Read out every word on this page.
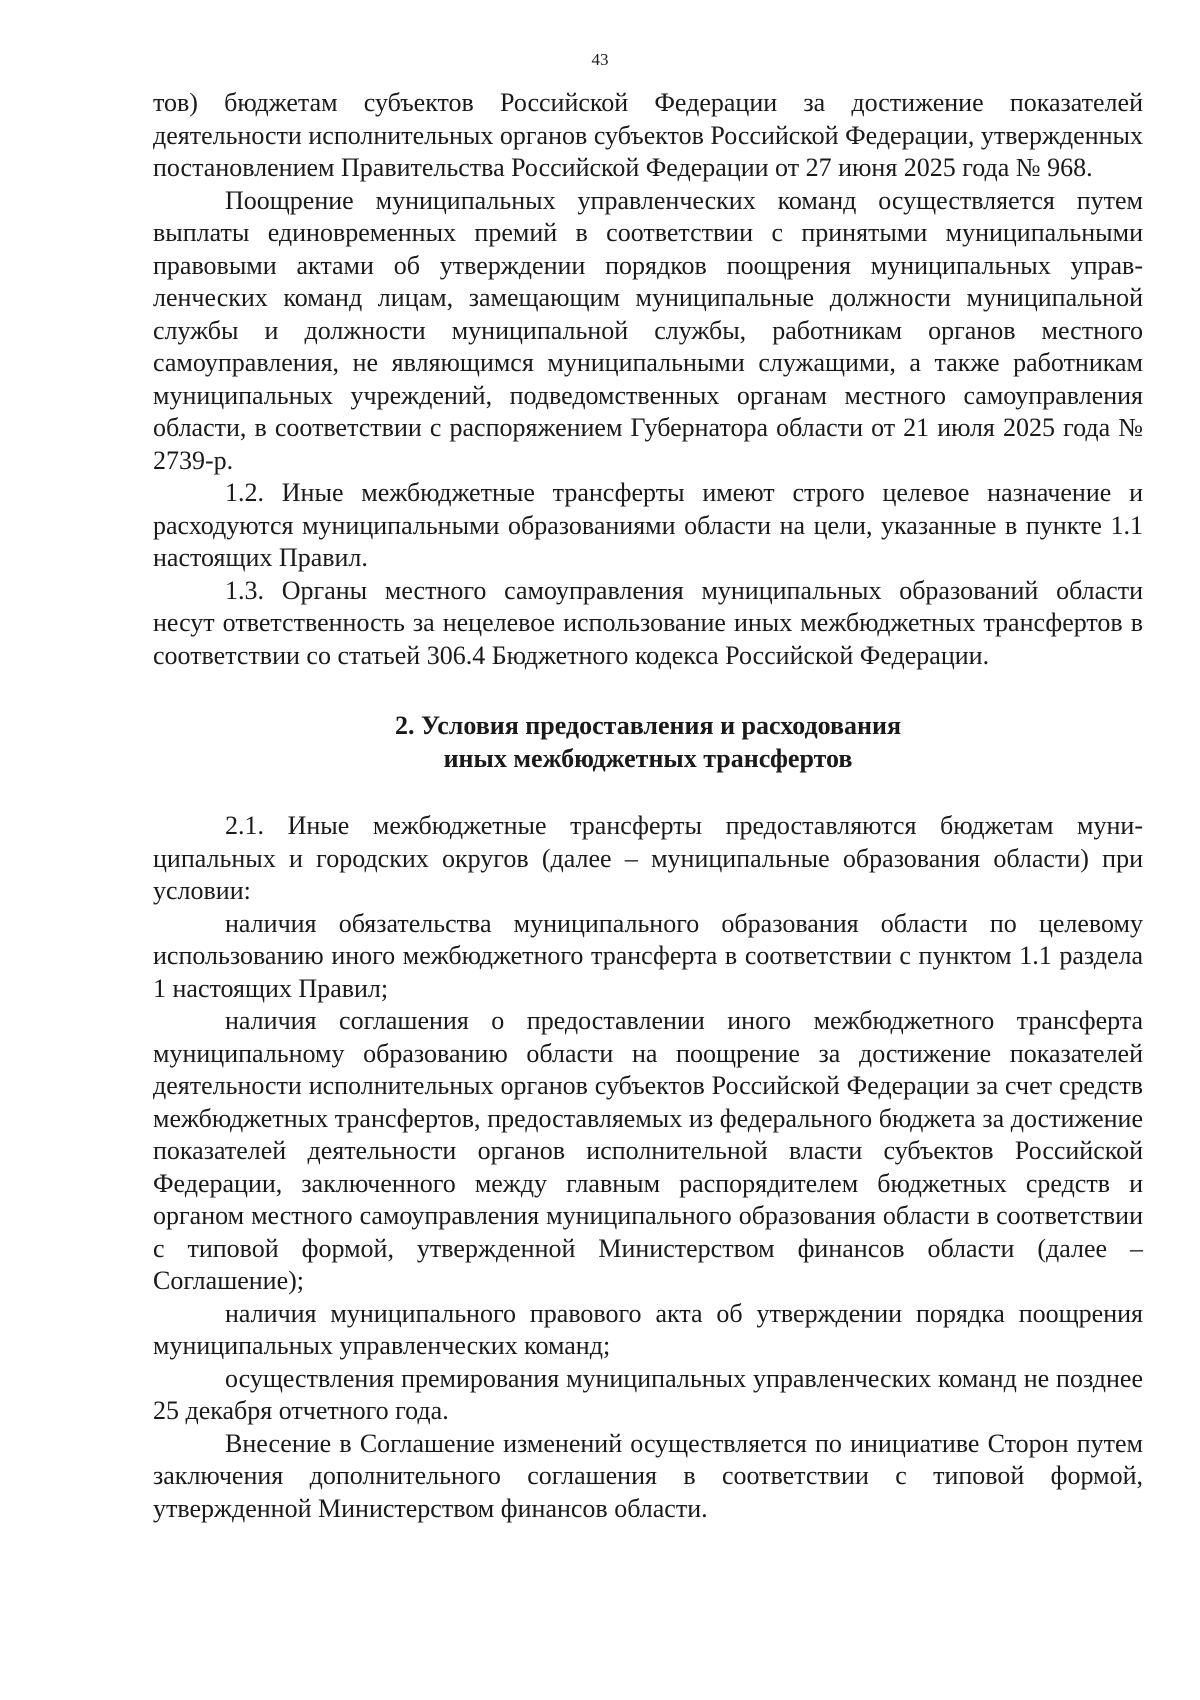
43

тов) бюджетам субъектов Российской Федерации за достижение показателей деятельности исполнительных органов субъектов Российской Федерации, утвержденных постановлением Правительства Российской Федерации от 27 июня 2025 года № 968.

Поощрение муниципальных управленческих команд осуществляется путем выплаты единовременных премий в соответствии с принятыми муниципальными правовыми актами об утверждении порядков поощрения муниципальных управленческих команд лицам, замещающим муниципальные должности муниципальной службы и должности муниципальной службы, работникам органов местного самоуправления, не являющимся муниципальными служащими, а также работникам муниципальных учреждений, подведомственных органам местного самоуправления области, в соответствии с распоряжением Губернатора области от 21 июля 2025 года № 2739-р.

1.2. Иные межбюджетные трансферты имеют строго целевое назначение и расходуются муниципальными образованиями области на цели, указанные в пункте 1.1 настоящих Правил.

1.3. Органы местного самоуправления муниципальных образований области несут ответственность за нецелевое использование иных межбюджетных трансфертов в соответствии со статьей 306.4 Бюджетного кодекса Российской Федерации.

2. Условия предоставления и расходования
иных межбюджетных трансфертов

2.1. Иные межбюджетные трансферты предоставляются бюджетам муниципальных и городских округов (далее – муниципальные образования области) при условии:

наличия обязательства муниципального образования области по целевому использованию иного межбюджетного трансферта в соответствии с пунктом 1.1 раздела 1 настоящих Правил;

наличия соглашения о предоставлении иного межбюджетного трансферта муниципальному образованию области на поощрение за достижение показателей деятельности исполнительных органов субъектов Российской Федерации за счет средств межбюджетных трансфертов, предоставляемых из федерального бюджета за достижение показателей деятельности органов исполнительной власти субъектов Российской Федерации, заключенного между главным распорядителем бюджетных средств и органом местного самоуправления муниципального образования области в соответствии с типовой формой, утвержденной Министерством финансов области (далее – Соглашение);

наличия муниципального правового акта об утверждении порядка поощрения муниципальных управленческих команд;

осуществления премирования муниципальных управленческих команд не позднее 25 декабря отчетного года.

Внесение в Соглашение изменений осуществляется по инициативе Сторон путем заключения дополнительного соглашения в соответствии с типовой формой, утвержденной Министерством финансов области.
